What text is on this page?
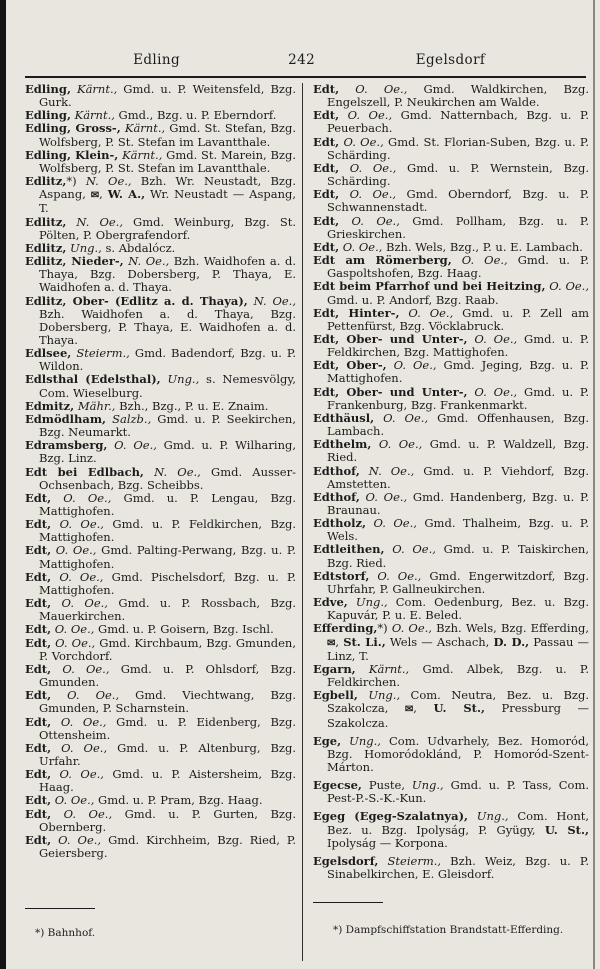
Edling	242	Egelsdorf

Edling, Kärnt., Gmd. u. P. Weitensfeld, Bzg. Gurk.

Edling, Kärnt., Gmd., Bzg. u. P. Eberndorf.

Edling, Gross-, Kärnt., Gmd. St. Stefan, Bzg. Wolfsberg, P. St. Stefan im Lavantthale.

Edling, Klein-, Kärnt., Gmd. St. Marein, Bzg. Wolfsberg, P. St. Stefan im Lavantthale.

Edlitz,*) N. Oe., Bzh. Wr. Neustadt, Bzg. Aspang, ✉, W. A., Wr. Neustadt — Aspang, T.

Edlitz, N. Oe., Gmd. Weinburg, Bzg. St. Pölten, P. Obergrafendorf.

Edlitz, Ung., s. Abdalócz.

Edlitz, Nieder-, N. Oe., Bzh. Waidhofen a. d. Thaya, Bzg. Dobersberg, P. Thaya, E. Waidhofen a. d. Thaya.

Edlitz, Ober- (Edlitz a. d. Thaya), N. Oe., Bzh. Waidhofen a. d. Thaya, Bzg. Dobersberg, P. Thaya, E. Waidhofen a. d. Thaya.

Edlsee, Steierm., Gmd. Badendorf, Bzg. u. P. Wildon.

Edlsthal (Edelsthal), Ung., s. Nemesvölgy, Com. Wieselburg.

Edmitz, Mähr., Bzh., Bzg., P. u. E. Znaim.

Edmödlham, Salzb., Gmd. u. P. Seekirchen, Bzg. Neumarkt.

Edramsberg, O. Oe., Gmd. u. P. Wilharing, Bzg. Linz.

Edt bei Edlbach, N. Oe., Gmd. Ausser-Ochsenbach, Bzg. Scheibbs.

Edt, O. Oe., Gmd. u. P. Lengau, Bzg. Mattighofen.

Edt, O. Oe., Gmd. u. P. Feldkirchen, Bzg. Mattighofen.

Edt, O. Oe., Gmd. Palting-Perwang, Bzg. u. P. Mattighofen.

Edt, O. Oe., Gmd. Pischelsdorf, Bzg. u. P. Mattighofen.

Edt, O. Oe., Gmd. u. P. Rossbach, Bzg. Mauerkirchen.

Edt, O. Oe., Gmd. u. P. Goisern, Bzg. Ischl.

Edt, O. Oe., Gmd. Kirchbaum, Bzg. Gmunden, P. Vorchdorf.

Edt, O. Oe., Gmd. u. P. Ohlsdorf, Bzg. Gmunden.

Edt, O. Oe., Gmd. Viechtwang, Bzg. Gmunden, P. Scharnstein.

Edt, O. Oe., Gmd. u. P. Eidenberg, Bzg. Ottensheim.

Edt, O. Oe., Gmd. u. P. Altenburg, Bzg. Urfahr.

Edt, O. Oe., Gmd. u. P. Aistersheim, Bzg. Haag.

Edt, O. Oe., Gmd. u. P. Pram, Bzg. Haag.

Edt, O. Oe., Gmd. u. P. Gurten, Bzg. Obernberg.

Edt, O. Oe., Gmd. Kirchheim, Bzg. Ried, P. Geiersberg.

*) Bahnhof.

Edt, O. Oe., Gmd. Waldkirchen, Bzg. Engelszell, P. Neukirchen am Walde.

Edt, O. Oe., Gmd. Natternbach, Bzg. u. P. Peuerbach.

Edt, O. Oe., Gmd. St. Florian-Suben, Bzg. u. P. Schärding.

Edt, O. Oe., Gmd. u. P. Wernstein, Bzg. Schärding.

Edt, O. Oe., Gmd. Oberndorf, Bzg. u. P. Schwannenstadt.

Edt, O. Oe., Gmd. Pollham, Bzg. u. P. Grieskirchen.

Edt, O. Oe., Bzh. Wels, Bzg., P. u. E. Lambach.

Edt am Römerberg, O. Oe., Gmd. u. P. Gaspoltshofen, Bzg. Haag.

Edt beim Pfarrhof und bei Heitzing, O. Oe., Gmd. u. P. Andorf, Bzg. Raab.

Edt, Hinter-, O. Oe., Gmd. u. P. Zell am Pettenfürst, Bzg. Vöcklabruck.

Edt, Ober- und Unter-, O. Oe., Gmd. u. P. Feldkirchen, Bzg. Mattighofen.

Edt, Ober-, O. Oe., Gmd. Jeging, Bzg. u. P. Mattighofen.

Edt, Ober- und Unter-, O. Oe., Gmd. u. P. Frankenburg, Bzg. Frankenmarkt.

Edthäusl, O. Oe., Gmd. Offenhausen, Bzg. Lambach.

Edthelm, O. Oe., Gmd. u. P. Waldzell, Bzg. Ried.

Edthof, N. Oe., Gmd. u. P. Viehdorf, Bzg. Amstetten.

Edthof, O. Oe., Gmd. Handenberg, Bzg. u. P. Braunau.

Edtholz, O. Oe., Gmd. Thalheim, Bzg. u. P. Wels.

Edtleithen, O. Oe., Gmd. u. P. Taiskirchen, Bzg. Ried.

Edtstorf, O. Oe., Gmd. Engerwitzdorf, Bzg. Uhrfahr, P. Gallneukirchen.

Edve, Ung., Com. Oedenburg, Bez. u. Bzg. Kapuvár, P. u. E. Beled.

Efferding,*) O. Oe., Bzh. Wels, Bzg. Efferding, ✉, St. Li., Wels — Aschach, D. D., Passau — Linz, T.

Egarn, Kärnt., Gmd. Albek, Bzg. u. P. Feldkirchen.

Egbell, Ung., Com. Neutra, Bez. u. Bzg. Szakolcza, ✉, U. St., Pressburg — Szakolcza.

Ege, Ung., Com. Udvarhely, Bez. Homoród, Bzg. Homoródoklánd, P. Homoród-Szent-Márton.

Egecse, Puste, Ung., Gmd. u. P. Tass, Com. Pest-P.-S.-K.-Kun.

Egeg (Egeg-Szalatnya), Ung., Com. Hont, Bez. u. Bzg. Ipolyság, P. Gyügy, U. St., Ipolyság — Korpona.

Egelsdorf, Steierm., Bzh. Weiz, Bzg. u. P. Sinabelkirchen, E. Gleisdorf.

*) Dampfschiffstation Brandstatt-Efferding.
